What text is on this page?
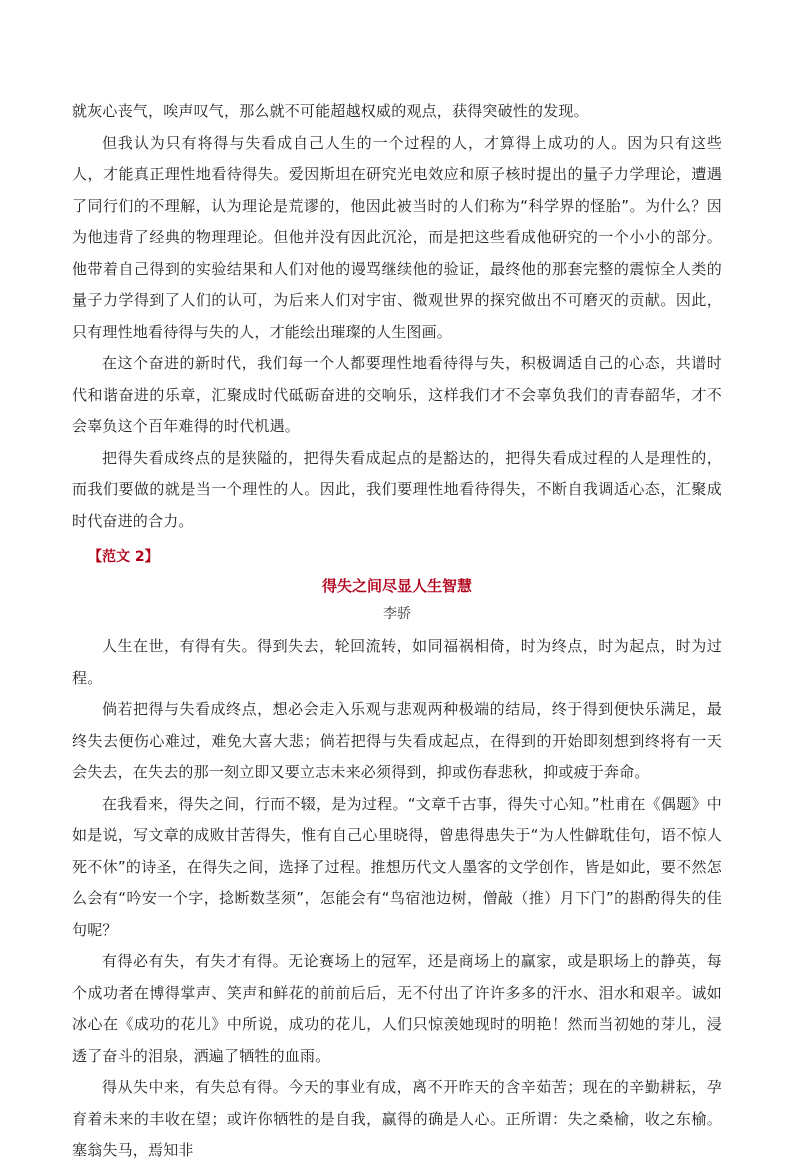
就灰心丧气，唉声叹气，那么就不可能超越权威的观点，获得突破性的发现。

但我认为只有将得与失看成自己人生的一个过程的人，才算得上成功的人。因为只有这些人，才能真正理性地看待得失。爱因斯坦在研究光电效应和原子核时提出的量子力学理论，遭遇了同行们的不理解，认为理论是荒谬的，他因此被当时的人们称为“科学界的怪胎”。为什么？因为他违背了经典的物理理论。但他并没有因此沉沦，而是把这些看成他研究的一个小小的部分。他带着自己得到的实验结果和人们对他的谩骂继续他的验证，最终他的那套完整的震惊全人类的量子力学得到了人们的认可，为后来人们对宇宙、微观世界的探究做出不可磨灭的贡献。因此，只有理性地看待得与失的人，才能绘出璀璨的人生图画。

在这个奋进的新时代，我们每一个人都要理性地看待得与失，积极调适自己的心态，共谱时代和谐奋进的乐章，汇聚成时代砥砺奋进的交响乐，这样我们才不会辜负我们的青春韶华，才不会辜负这个百年难得的时代机遇。

把得失看成终点的是狭隘的，把得失看成起点的是豁达的，把得失看成过程的人是理性的，而我们要做的就是当一个理性的人。因此，我们要理性地看待得失，不断自我调适心态，汇聚成时代奋进的合力。

【范文 2】
得失之间尽显人生智慧
李骄

人生在世，有得有失。得到失去，轮回流转，如同福祸相倚，时为终点，时为起点，时为过程。

倘若把得与失看成终点，想必会走入乐观与悲观两种极端的结局，终于得到便快乐满足，最终失去便伤心难过，难免大喜大悲；倘若把得与失看成起点，在得到的开始即刻想到终将有一天会失去，在失去的那一刻立即又要立志未来必须得到，抑或伤春悲秋，抑或疲于奔命。

在我看来，得失之间，行而不辍，是为过程。“文章千古事，得失寸心知。”杜甫在《偶题》中如是说，写文章的成败甘苦得失，惟有自己心里晓得，曾患得患失于“为人性僻耽佳句，语不惊人死不休”的诗圣，在得失之间，选择了过程。推想历代文人墨客的文学创作，皆是如此，要不然怎么会有“吟安一个字，捻断数茎须”，怎能会有“鸟宿池边树，僧敲（推）月下门”的斟酌得失的佳句呢？

有得必有失，有失才有得。无论赛场上的冠军，还是商场上的赢家，或是职场上的静英，每个成功者在博得掌声、笑声和鲜花的前前后后，无不付出了许许多多的汗水、泪水和艰辛。诚如冰心在《成功的花儿》中所说，成功的花儿，人们只惊羡她现时的明艳！然而当初她的芽儿，浸透了奋斗的泪泉，洒遍了牺牲的血雨。

得从失中来，有失总有得。今天的事业有成，离不开昨天的含辛茹苦；现在的辛勤耕耘，孕育着未来的丰收在望；或许你牺牲的是自我，赢得的确是人心。正所谓：失之桑榆，收之东榆。塞翁失马，焉知非
